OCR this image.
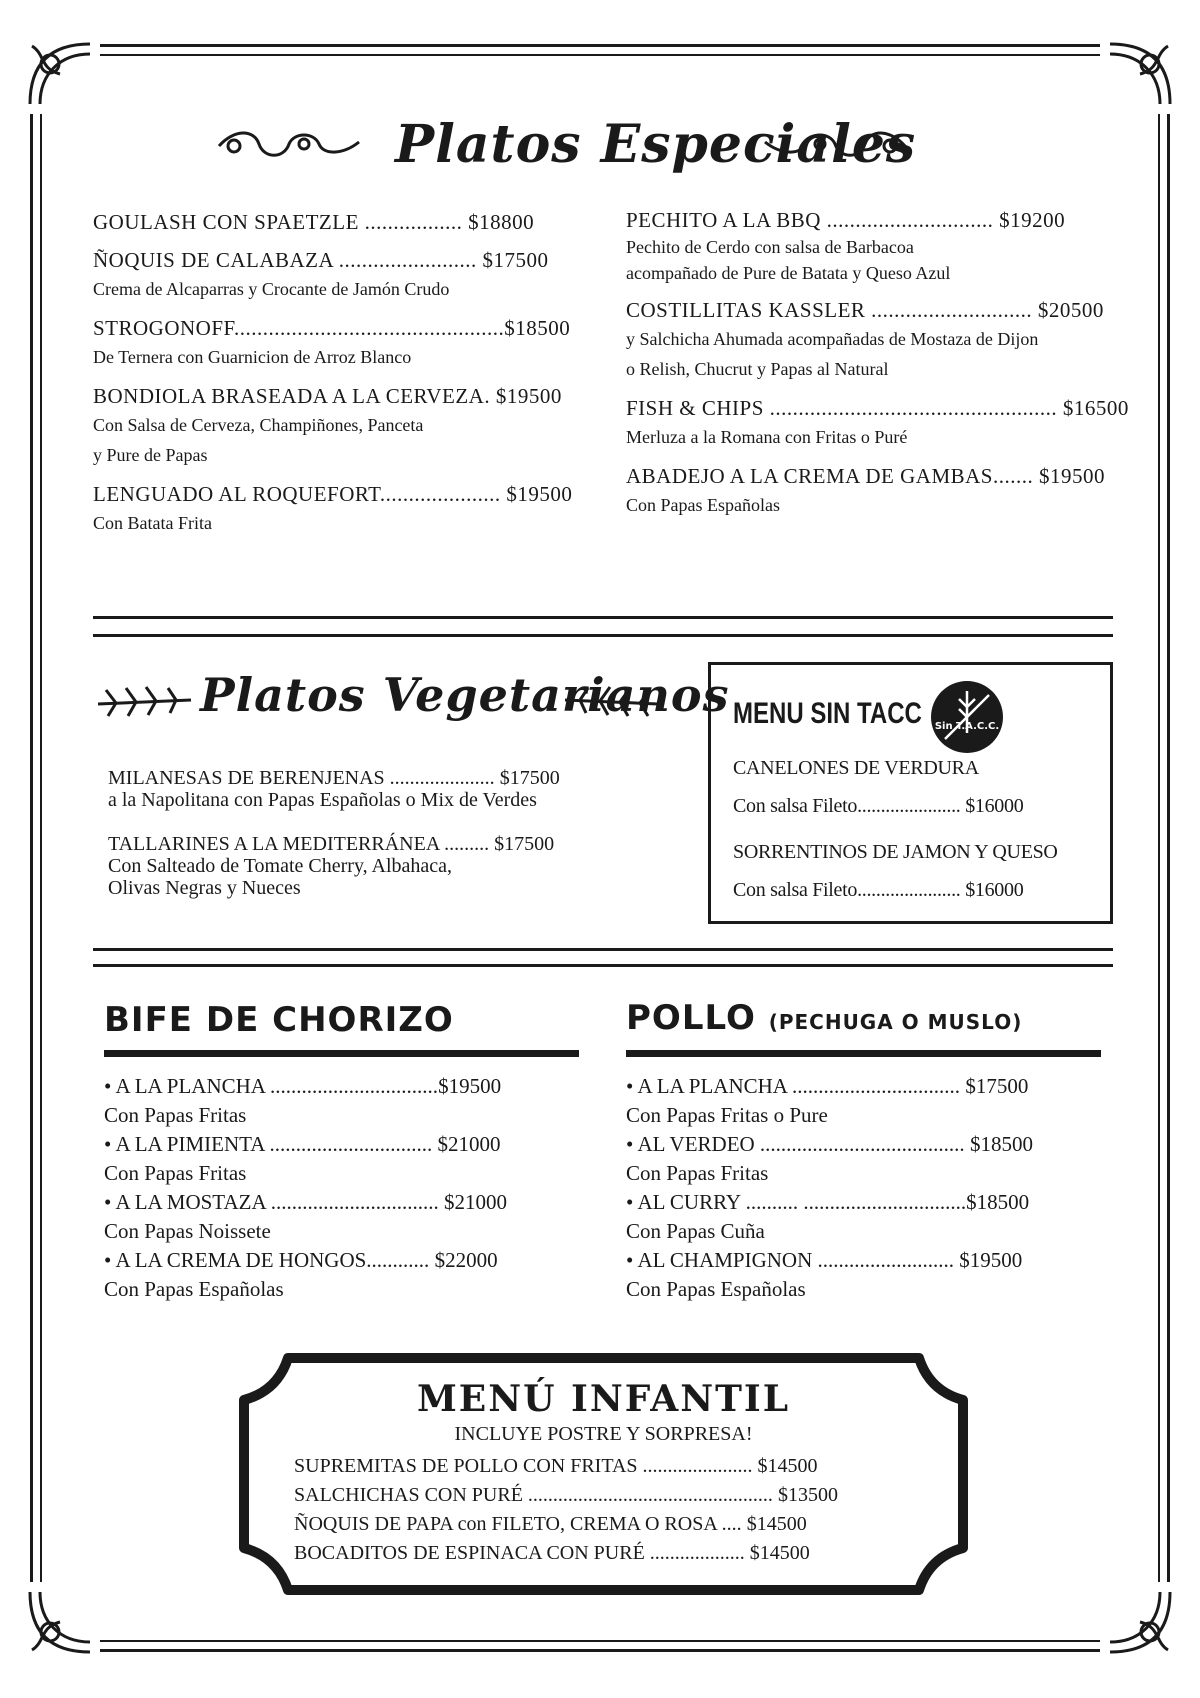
Platos Especiales
GOULASH CON SPAETZLE ................. $18800
ÑOQUIS DE CALABAZA ........................ $17500
Crema de Alcaparras y Crocante de Jamón Crudo
STROGONOFF...............................................$18500
De Ternera con Guarnicion de Arroz Blanco
BONDIOLA BRASEADA A LA CERVEZA. $19500
Con Salsa de Cerveza, Champiñones, Panceta
y Pure de Papas
LENGUADO AL ROQUEFORT..................... $19500
Con Batata Frita
PECHITO A LA BBQ ............................. $19200
Pechito de Cerdo con salsa de Barbacoa
acompañado de Pure de Batata y Queso Azul
COSTILLITAS KASSLER ............................ $20500
y Salchicha Ahumada acompañadas de Mostaza de Dijon
o Relish, Chucrut y Papas al Natural
FISH & CHIPS .................................................. $16500
Merluza a la Romana con Fritas o Puré
ABADEJO A LA CREMA DE GAMBAS....... $19500
Con Papas Españolas
Platos Vegetarianos
MILANESAS DE BERENJENAS ..................... $17500
a la Napolitana con Papas Españolas o Mix de Verdes
TALLARINES A LA MEDITERRÁNEA ......... $17500
Con Salteado de Tomate Cherry, Albahaca,
Olivas Negras y Nueces
MENU SIN TACC Sin T.A.C.C.
CANELONES DE VERDURA
Con salsa Fileto...................... $16000
SORRENTINOS DE JAMON Y QUESO
Con salsa Fileto...................... $16000
BIFE DE CHORIZO
• A LA PLANCHA ................................$19500
Con Papas Fritas
• A LA PIMIENTA ............................... $21000
Con Papas Fritas
• A LA MOSTAZA ................................ $21000
Con Papas Noissete
• A LA CREMA DE HONGOS............ $22000
Con Papas Españolas
POLLO (PECHUGA O MUSLO)
• A LA PLANCHA ................................ $17500
Con Papas Fritas o Pure
• AL VERDEO ....................................... $18500
Con Papas Fritas
• AL CURRY .......... ...............................$18500
Con Papas Cuña
• AL CHAMPIGNON .......................... $19500
Con Papas Españolas
MENÚ INFANTIL
INCLUYE POSTRE Y SORPRESA!
SUPREMITAS DE POLLO CON FRITAS ...................... $14500
SALCHICHAS CON PURÉ ................................................. $13500
ÑOQUIS DE PAPA con FILETO, CREMA O ROSA .... $14500
BOCADITOS DE ESPINACA CON PURÉ ................... $14500
